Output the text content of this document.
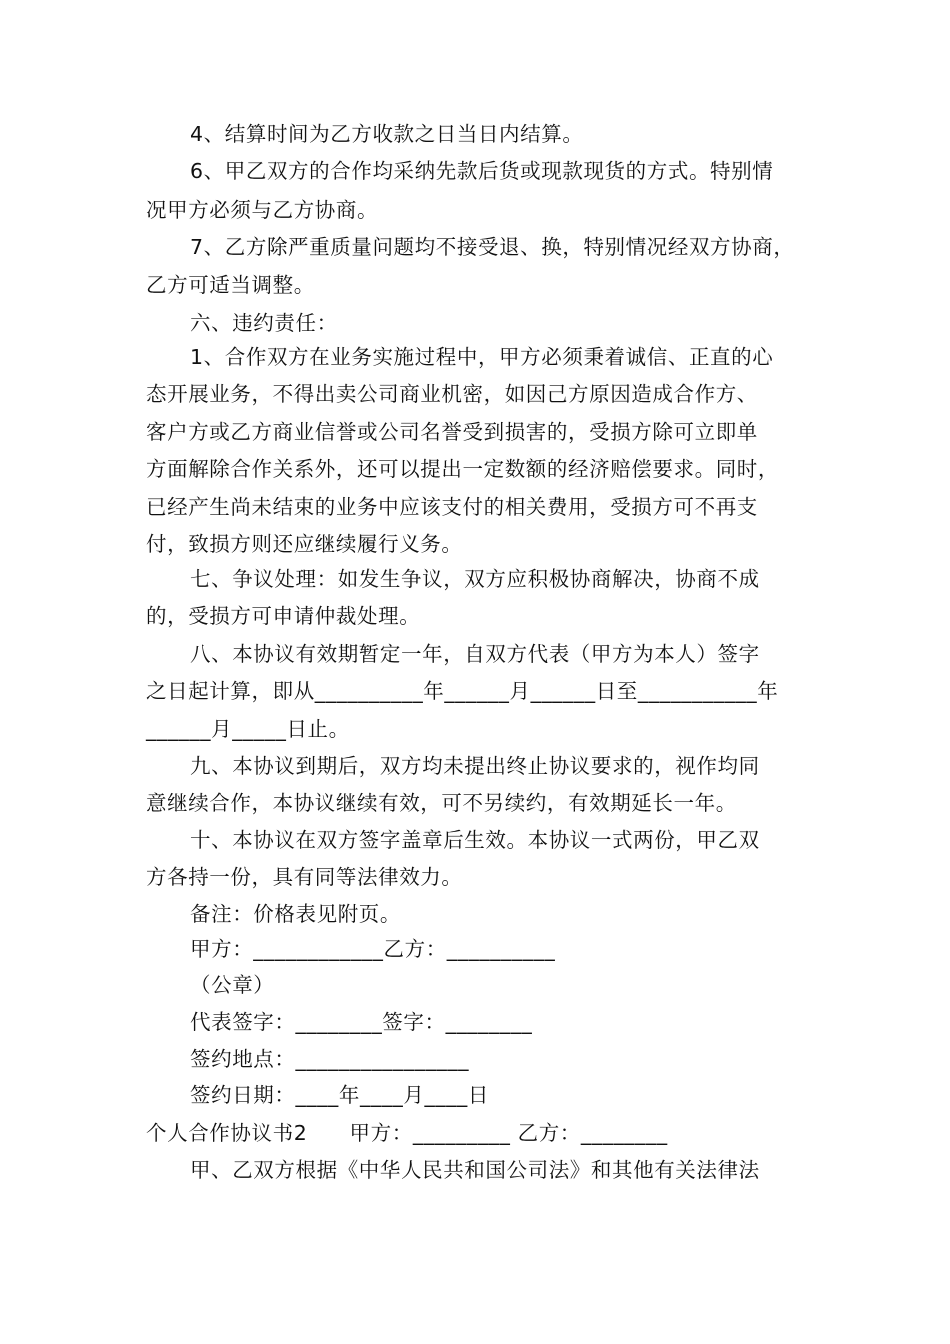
4、结算时间为乙方收款之日当日内结算。

6、甲乙双方的合作均采纳先款后货或现款现货的方式。特别情

况甲方必须与乙方协商。

7、乙方除严重质量问题均不接受退、换，特别情况经双方协商，

乙方可适当调整。

六、违约责任：

1、合作双方在业务实施过程中，甲方必须秉着诚信、正直的心

态开展业务，不得出卖公司商业机密，如因己方原因造成合作方、

客户方或乙方商业信誉或公司名誉受到损害的，受损方除可立即单

方面解除合作关系外，还可以提出一定数额的经济赔偿要求。同时，

已经产生尚未结束的业务中应该支付的相关费用，受损方可不再支

付，致损方则还应继续履行义务。

七、争议处理：如发生争议，双方应积极协商解决，协商不成

的，受损方可申请仲裁处理。

八、本协议有效期暂定一年，自双方代表（甲方为本人）签字

之日起计算，即从__________年______月______日至___________年

______月_____日止。

九、本协议到期后，双方均未提出终止协议要求的，视作均同

意继续合作，本协议继续有效，可不另续约，有效期延长一年。

十、本协议在双方签字盖章后生效。本协议一式两份，甲乙双

方各持一份，具有同等法律效力。

备注：价格表见附页。

甲方：____________乙方：__________

（公章）

代表签字：________签字：________

签约地点：________________

签约日期：____年____月____日

个人合作协议书2　　甲方：_________ 乙方：________

甲、乙双方根据《中华人民共和国公司法》和其他有关法律法
